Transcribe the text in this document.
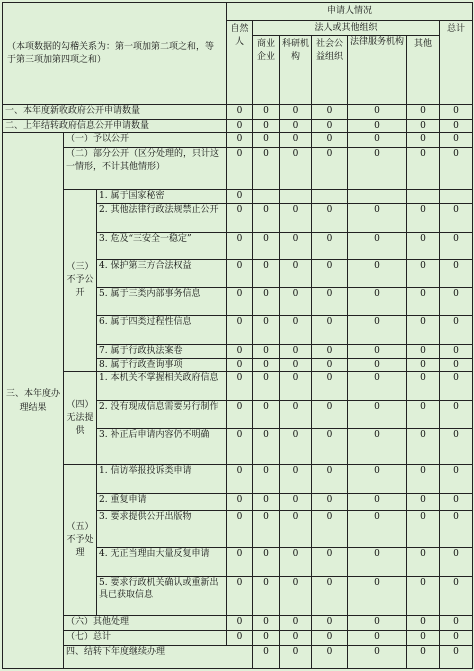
（本项数据的勾稽关系为：第一项加第二项之和，等于第三项加第四项之和）			申请人情况							
			自然人	法人或其他组织					总计	
				商业企业	科研机构	社会公益组织	法律服务机构	其他		
一、本年度新收政府公开申请数量			0	0	0	0	0	0	0	
二、上年结转政府信息公开申请数量			0	0	0	0	0	0	0	
三、本年度办理结果	（一）予以公开		0	0	0	0	0	0	0	
	（二）部分公开（区分处理的，只计这一情形，不计其他情形）		0	0	0	0	0	0	0	
	（三）不予公开	1. 属于国家秘密	0							
		2. 其他法律行政法规禁止公开	0	0	0	0	0	0	0	
		3. 危及“三安全一稳定”	0	0	0	0	0	0	0	
		4. 保护第三方合法权益	0	0	0	0	0	0	0	
		5. 属于三类内部事务信息	0	0	0	0	0	0	0	
		6. 属于四类过程性信息	0	0	0	0	0	0	0	
		7. 属于行政执法案卷	0	0	0	0	0	0	0	
		8. 属于行政查询事项	0	0	0	0	0	0	0	
	（四）无法提供	1. 本机关不掌握相关政府信息	0	0	0	0	0	0	0	
		2. 没有现成信息需要另行制作	0	0	0	0	0	0	0	
		3. 补正后申请内容仍不明确	0	0	0	0	0	0	0	
	（五）不予处理	1. 信访举报投诉类申请	0	0	0	0	0	0	0	
		2. 重复申请	0	0	0	0	0	0	0	
		3. 要求提供公开出版物	0	0	0	0	0	0	0	
		4. 无正当理由大量反复申请	0	0	0	0	0	0	0	
		5. 要求行政机关确认或重新出具已获取信息	0	0	0	0	0	0	0	
	（六）其他处理		0	0	0	0	0	0	0	
	（七）总计		0	0	0	0	0	0	0	
	四、结转下年度继续办理			0	0	0	0	0	0	
